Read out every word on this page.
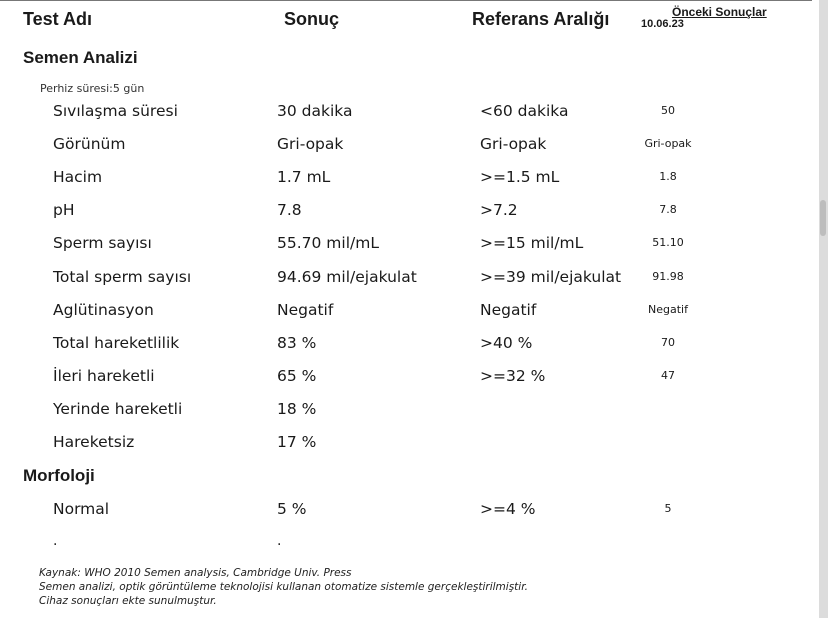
Test Adı	Sonuç	Referans Aralığı	Önceki Sonuçlar
10.06.23
Semen Analizi
Perhiz süresi:5 gün
Sıvılaşma süresi	30 dakika	<60 dakika	50
Görünüm	Gri-opak	Gri-opak	Gri-opak
Hacim	1.7 mL	>=1.5 mL	1.8
pH	7.8	>7.2	7.8
Sperm sayısı	55.70 mil/mL	>=15 mil/mL	51.10
Total sperm sayısı	94.69 mil/ejakulat	>=39 mil/ejakulat	91.98
Aglütinasyon	Negatif	Negatif	Negatif
Total hareketlilik	83 %	>40 %	70
İleri hareketli	65 %	>=32 %	47
Yerinde hareketli	18 %
Hareketsiz	17 %
Morfoloji
Normal	5 %	>=4 %	5
.	.
Kaynak: WHO 2010 Semen analysis, Cambridge Univ. Press
Semen analizi, optik görüntüleme teknolojisi kullanan otomatize sistemle gerçekleştirilmiştir.
Cihaz sonuçları ekte sunulmuştur.
